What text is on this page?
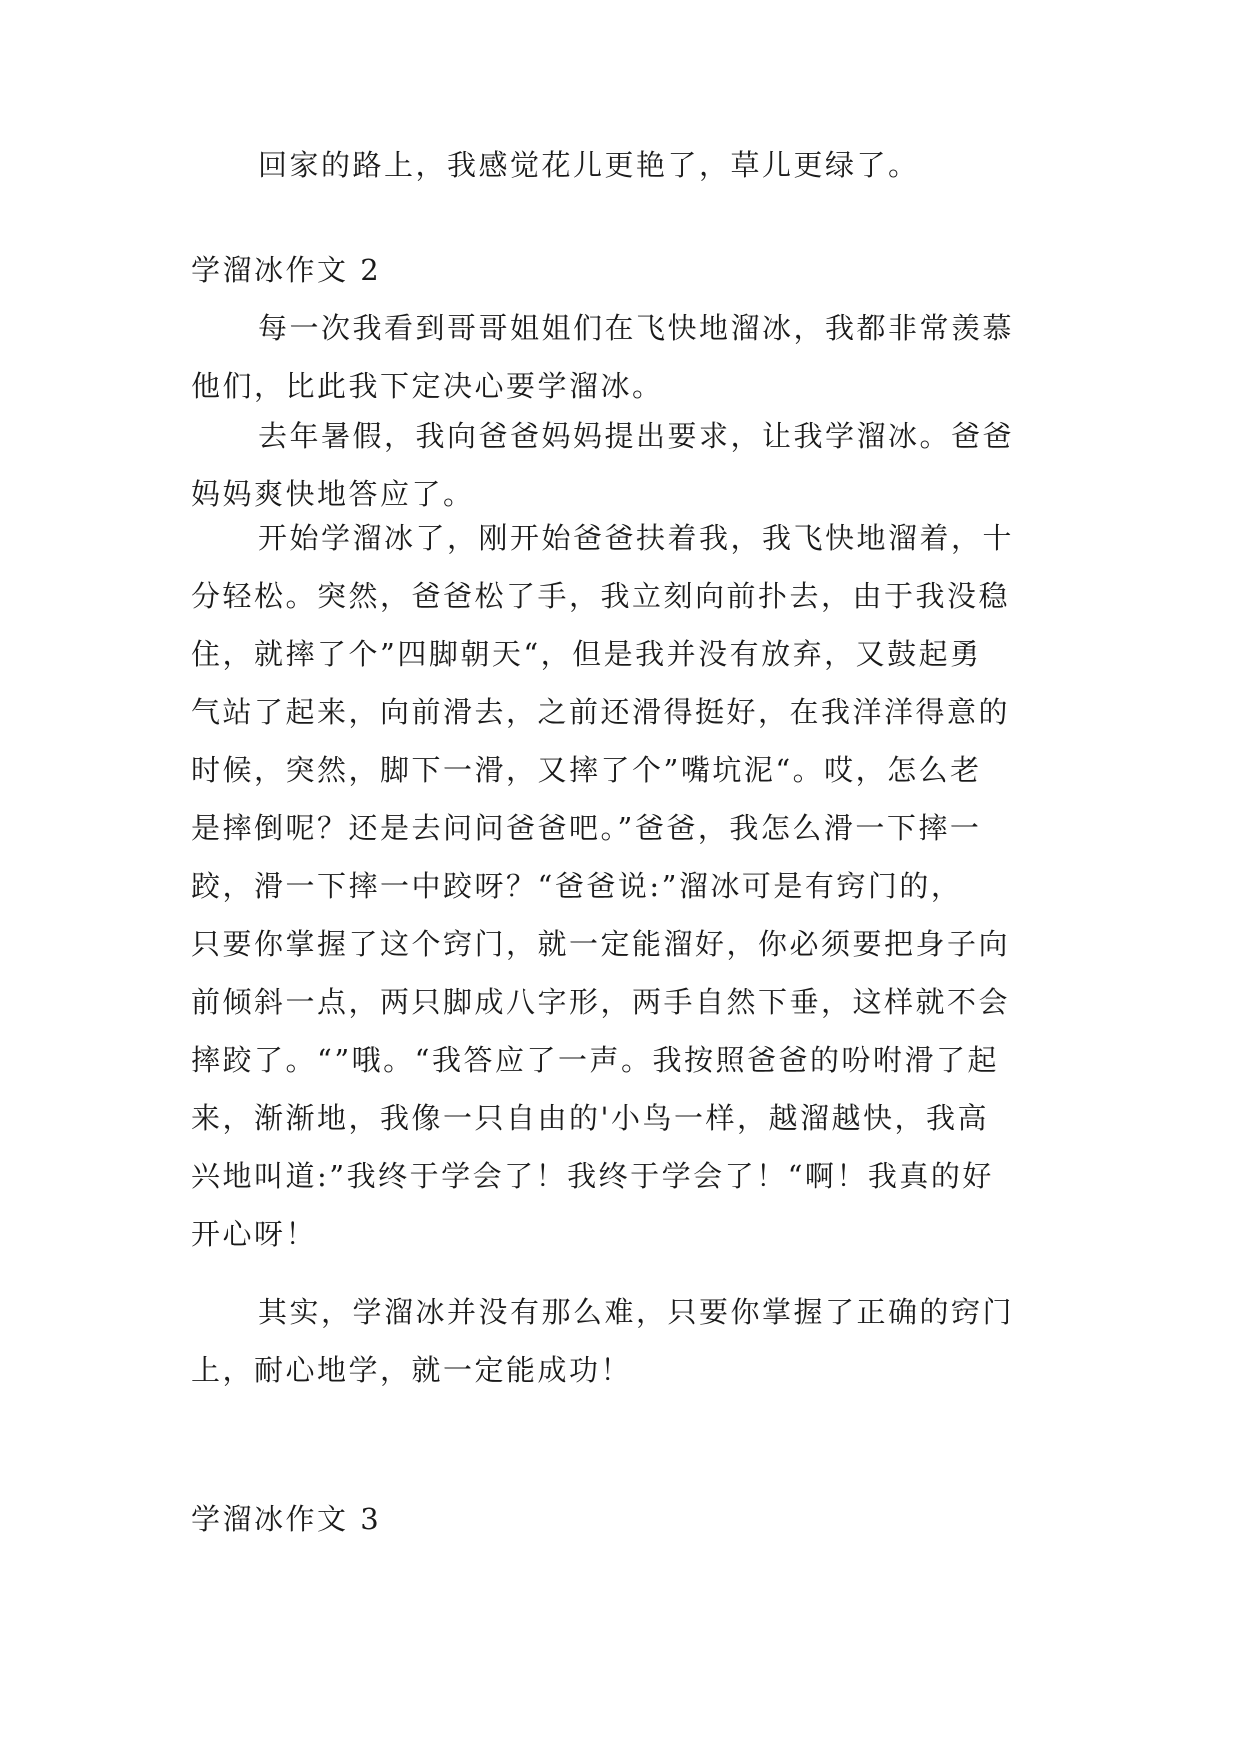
回家的路上，我感觉花儿更艳了，草儿更绿了。
学溜冰作文 2
每一次我看到哥哥姐姐们在飞快地溜冰，我都非常羡慕
他们，比此我下定决心要学溜冰。
去年暑假，我向爸爸妈妈提出要求，让我学溜冰。爸爸
妈妈爽快地答应了。
开始学溜冰了，刚开始爸爸扶着我，我飞快地溜着，十
分轻松。突然，爸爸松了手，我立刻向前扑去，由于我没稳
住，就摔了个”四脚朝天“，但是我并没有放弃，又鼓起勇
气站了起来，向前滑去，之前还滑得挺好，在我洋洋得意的
时候，突然，脚下一滑，又摔了个”嘴坑泥“。哎，怎么老
是摔倒呢？还是去问问爸爸吧。”爸爸，我怎么滑一下摔一
跤，滑一下摔一中跤呀？“爸爸说:”溜冰可是有窍门的，
只要你掌握了这个窍门，就一定能溜好，你必须要把身子向
前倾斜一点，两只脚成八字形，两手自然下垂，这样就不会
摔跤了。“”哦。“我答应了一声。我按照爸爸的吩咐滑了起
来，渐渐地，我像一只自由的'小鸟一样，越溜越快，我高
兴地叫道:”我终于学会了！我终于学会了！“啊！我真的好
开心呀！
其实，学溜冰并没有那么难，只要你掌握了正确的窍门
上，耐心地学，就一定能成功！
学溜冰作文 3
